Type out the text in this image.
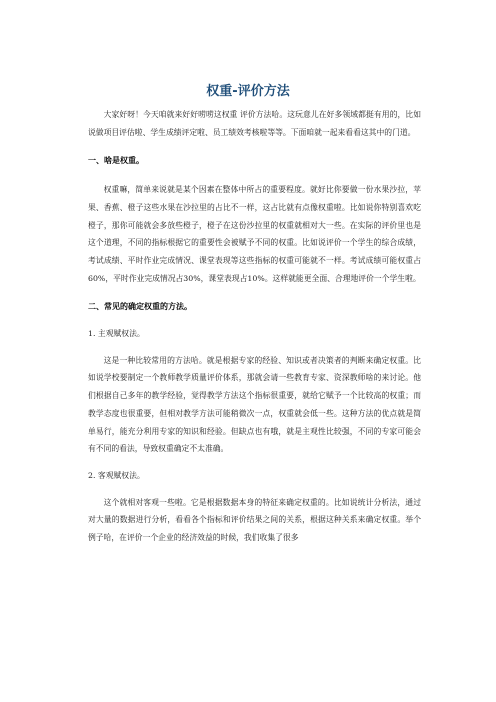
权重-评价方法

大家好呀！今天咱就来好好唠唠这权重 评价方法哈。这玩意儿在好多领域都挺有用的，比如说做项目评估啦、学生成绩评定啦、员工绩效考核啦等等。下面咱就一起来看看这其中的门道。

一、啥是权重。

权重嘛，简单来说就是某个因素在整体中所占的重要程度。就好比你要做一份水果沙拉，苹果、香蕉、橙子这些水果在沙拉里的占比不一样，这占比就有点像权重啦。比如说你特别喜欢吃橙子，那你可能就会多放些橙子，橙子在这份沙拉里的权重就相对大一些。在实际的评价里也是这个道理，不同的指标根据它的重要性会被赋予不同的权重。比如说评价一个学生的综合成绩，考试成绩、平时作业完成情况、课堂表现等这些指标的权重可能就不一样。考试成绩可能权重占60%，平时作业完成情况占30%，课堂表现占10%。这样就能更全面、合理地评价一个学生啦。

二、常见的确定权重的方法。

1. 主观赋权法。

这是一种比较常用的方法哈。就是根据专家的经验、知识或者决策者的判断来确定权重。比如说学校要制定一个教师教学质量评价体系，那就会请一些教育专家、资深教师啥的来讨论。他们根据自己多年的教学经验，觉得教学方法这个指标很重要，就给它赋予一个比较高的权重；而教学态度也很重要，但相对教学方法可能稍微次一点，权重就会低一些。这种方法的优点就是简单易行，能充分利用专家的知识和经验。但缺点也有哦，就是主观性比较强，不同的专家可能会有不同的看法，导致权重确定不太准确。

2. 客观赋权法。

这个就相对客观一些啦。它是根据数据本身的特征来确定权重的。比如说统计分析法，通过对大量的数据进行分析，看看各个指标和评价结果之间的关系，根据这种关系来确定权重。举个例子哈，在评价一个企业的经济效益的时候，我们收集了很多
